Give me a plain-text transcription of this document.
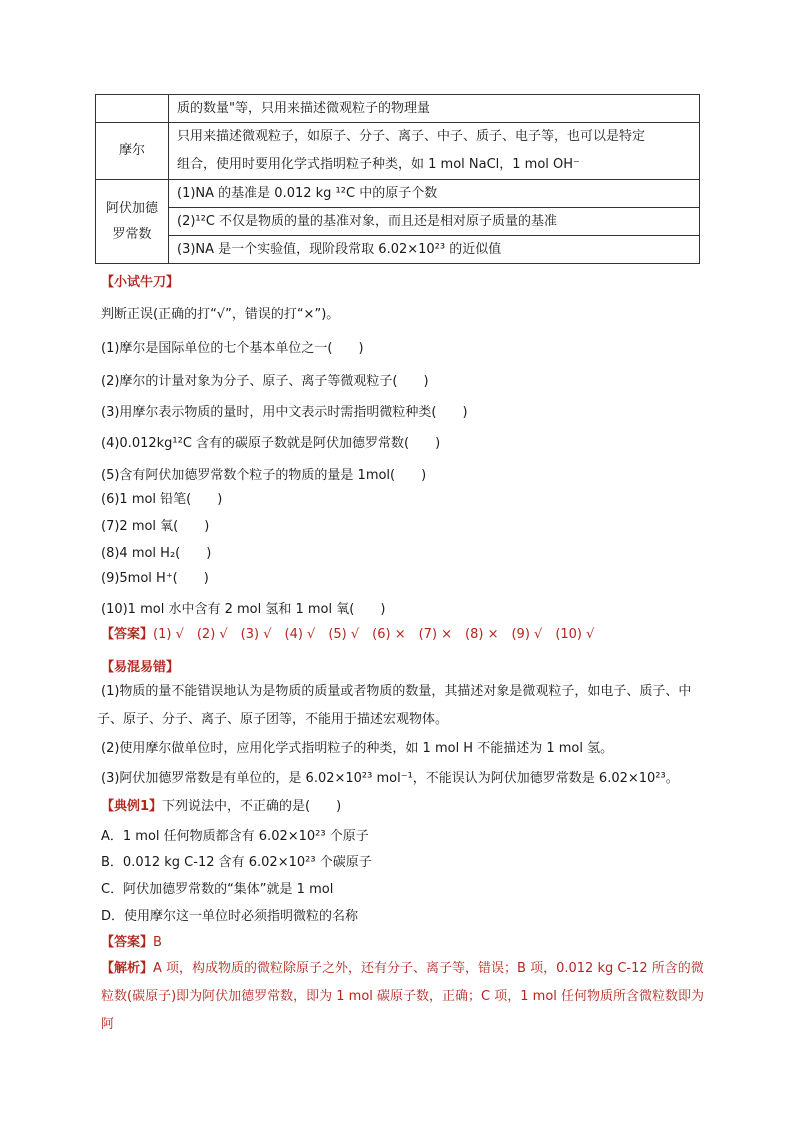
	质的数量"等，只用来描述微观粒子的物理量
摩尔	只用来描述微观粒子，如原子、分子、离子、中子、质子、电子等，也可以是特定
组合，使用时要用化学式指明粒子种类，如 1 mol NaCl，1 mol OH⁻

阿伏加德罗常数	(1)NA 的基准是 0.012 kg ¹²C 中的原子个数
	(2)¹²C 不仅是物质的量的基准对象，而且还是相对原子质量的基准
	(3)NA 是一个实验值，现阶段常取 6.02×10²³ 的近似值
【小试牛刀】
判断正误(正确的打“√”，错误的打“×”)。
(1)摩尔是国际单位的七个基本单位之一(　　)
(2)摩尔的计量对象为分子、原子、离子等微观粒子(　　)
(3)用摩尔表示物质的量时，用中文表示时需指明微粒种类(　　)
(4)0.012kg¹²C 含有的碳原子数就是阿伏加德罗常数(　　)
(5)含有阿伏加德罗常数个粒子的物质的量是 1mol(　　)
(6)1 mol 铅笔(　　)
(7)2 mol 氧(　　)
(8)4 mol H₂(　　)
(9)5mol H⁺(　　)
(10)1 mol 水中含有 2 mol 氢和 1 mol 氧(　　)
【答案】(1) √　(2) √　(3) √　(4) √　(5) √　(6) ×　(7) ×　(8) ×　(9) √　(10) √
【易混易错】
(1)物质的量不能错误地认为是物质的质量或者物质的数量，其描述对象是微观粒子，如电子、质子、中子、原子、分子、离子、原子团等，不能用于描述宏观物体。
(2)使用摩尔做单位时，应用化学式指明粒子的种类，如 1 mol H 不能描述为 1 mol 氢。
(3)阿伏加德罗常数是有单位的，是 6.02×10²³ mol⁻¹，不能误认为阿伏加德罗常数是 6.02×10²³。
【典例1】下列说法中，不正确的是(　　)
A．1 mol 任何物质都含有 6.02×10²³ 个原子
B．0.012 kg C-12 含有 6.02×10²³ 个碳原子
C．阿伏加德罗常数的“集体”就是 1 mol
D．使用摩尔这一单位时必须指明微粒的名称
【答案】B
【解析】A 项，构成物质的微粒除原子之外，还有分子、离子等，错误；B 项，0.012 kg C-12 所含的微粒数(碳原子)即为阿伏加德罗常数，即为 1 mol 碳原子数，正确；C 项，1 mol 任何物质所含微粒数即为阿
